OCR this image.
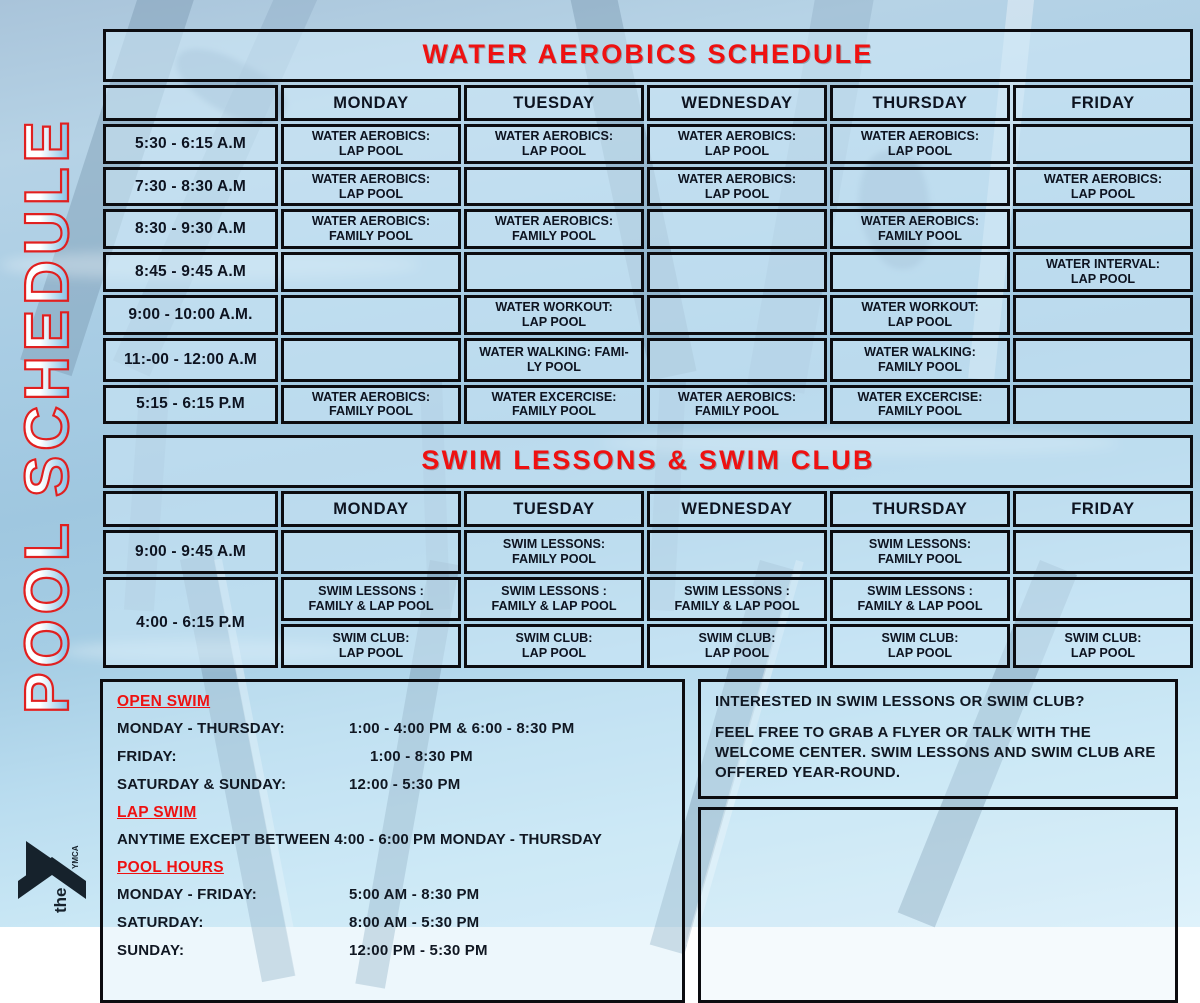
POOL SCHEDULE
YMCA
the
WATER AEROBICS SCHEDULE					
	MONDAY	TUESDAY	WEDNESDAY	THURSDAY	FRIDAY
5:30 - 6:15 A.M	WATER AEROBICS:
LAP POOL	WATER AEROBICS:
LAP POOL	WATER AEROBICS:
LAP POOL	WATER AEROBICS:
LAP POOL	

7:30 - 8:30 A.M	WATER AEROBICS:
LAP POOL		WATER AEROBICS:
LAP POOL		WATER AEROBICS:
LAP POOL

8:30 - 9:30 A.M	WATER AEROBICS:
FAMILY POOL	WATER AEROBICS:
FAMILY POOL		WATER AEROBICS:
FAMILY POOL	

8:45 - 9:45 A.M					WATER INTERVAL:
LAP POOL

9:00 - 10:00 A.M.		WATER WORKOUT:
LAP POOL		WATER WORKOUT:
LAP POOL	

11:-00 - 12:00 A.M		WATER WALKING: FAMI-
LY POOL		WATER WALKING:
FAMILY POOL	

5:15 - 6:15 P.M	WATER AEROBICS:
FAMILY POOL	WATER EXCERCISE:
FAMILY POOL	WATER AEROBICS:
FAMILY POOL	WATER EXCERCISE:
FAMILY POOL	

SWIM LESSONS & SWIM CLUB					
	MONDAY	TUESDAY	WEDNESDAY	THURSDAY	FRIDAY
9:00 - 9:45 A.M		SWIM LESSONS:
FAMILY POOL		SWIM LESSONS:
FAMILY POOL	

4:00 - 6:15 P.M	SWIM LESSONS :
FAMILY & LAP POOL	SWIM LESSONS :
FAMILY & LAP POOL	SWIM LESSONS :
FAMILY & LAP POOL	SWIM LESSONS :
FAMILY & LAP POOL	

	SWIM CLUB:
LAP POOL	SWIM CLUB:
LAP POOL	SWIM CLUB:
LAP POOL	SWIM CLUB:
LAP POOL	SWIM CLUB:
LAP POOL
OPEN SWIM
MONDAY - THURSDAY:	1:00 - 4:00 PM & 6:00 - 8:30 PM
FRIDAY:	1:00 - 8:30 PM
SATURDAY & SUNDAY:	12:00 - 5:30 PM
LAP SWIM
ANYTIME EXCEPT BETWEEN 4:00 - 6:00 PM MONDAY - THURSDAY
POOL HOURS
MONDAY - FRIDAY:	5:00 AM - 8:30 PM
SATURDAY:	8:00 AM - 5:30 PM
SUNDAY:	12:00 PM - 5:30 PM
INTERESTED IN SWIM LESSONS OR SWIM CLUB?
FEEL FREE TO GRAB A FLYER OR TALK WITH THE WELCOME CENTER. SWIM LESSONS AND SWIM CLUB ARE OFFERED YEAR-ROUND.
